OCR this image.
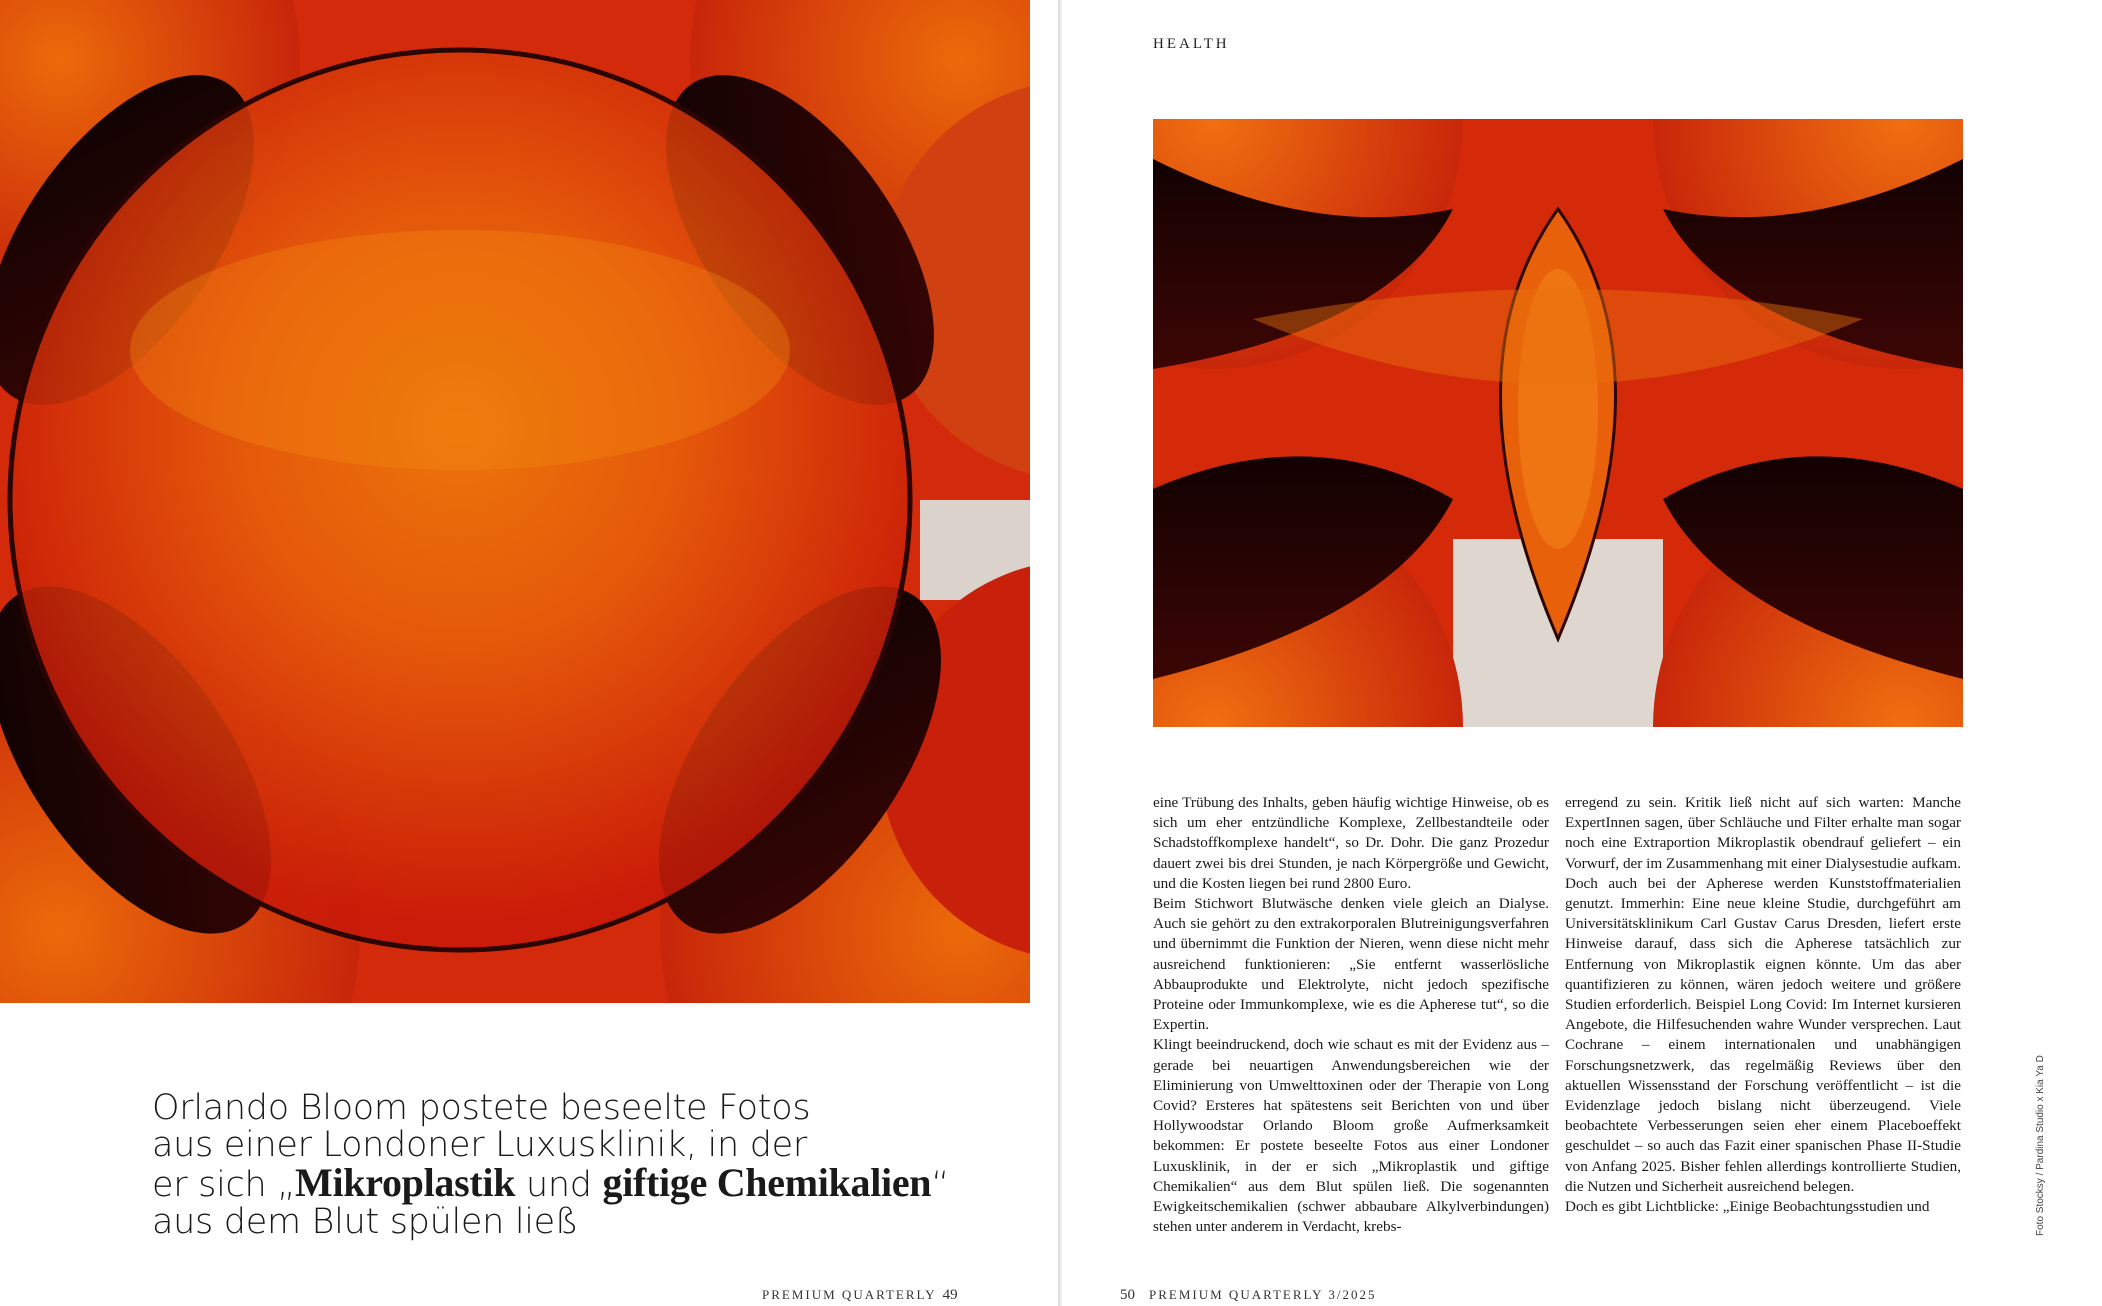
Orlando Bloom postete beseelte Fotos
aus einer Londoner Luxusklinik, in der
er sich „Mikroplastik und giftige Chemikalien“
aus dem Blut spülen ließ
PREMIUM QUARTERLY 49
HEALTH

eine Trübung des Inhalts, geben häufig wichtige Hinweise, ob es sich um eher entzündliche Komplexe, Zellbestandteile oder Schadstoffkomplexe handelt“, so Dr. Dohr. Die ganz Prozedur dauert zwei bis drei Stunden, je nach Körpergröße und Gewicht, und die Kosten liegen bei rund 2800 Euro.

Beim Stichwort Blutwäsche denken viele gleich an Dialyse. Auch sie gehört zu den extrakorporalen Blutreinigungsverfahren und übernimmt die Funktion der Nieren, wenn diese nicht mehr ausreichend funktionieren: „Sie entfernt wasserlösliche Abbauprodukte und Elektrolyte, nicht jedoch spezifische Proteine oder Immunkomplexe, wie es die Apherese tut“, so die Expertin.

Klingt beeindruckend, doch wie schaut es mit der Evidenz aus – gerade bei neuartigen Anwendungsbereichen wie der Eliminierung von Umwelttoxinen oder der Therapie von Long Covid? Ersteres hat spätestens seit Berichten von und über Hollywoodstar Orlando Bloom große Aufmerksamkeit bekommen: Er postete beseelte Fotos aus einer Londoner Luxusklinik, in der er sich „Mikroplastik und giftige Chemikalien“ aus dem Blut spülen ließ. Die sogenannten Ewigkeitschemikalien (schwer abbaubare Alkylverbindungen) stehen unter anderem in Verdacht, krebs-

erregend zu sein. Kritik ließ nicht auf sich warten: Manche ExpertInnen sagen, über Schläuche und Filter erhalte man sogar noch eine Extraportion Mikroplastik obendrauf geliefert – ein Vorwurf, der im Zusammenhang mit einer Dialysestudie aufkam. Doch auch bei der Apherese werden Kunststoffmaterialien genutzt. Immerhin: Eine neue kleine Studie, durchgeführt am Universitätsklinikum Carl Gustav Carus Dresden, liefert erste Hinweise darauf, dass sich die Apherese tatsächlich zur Entfernung von Mikroplastik eignen könnte. Um das aber quantifizieren zu können, wären jedoch weitere und größere Studien erforderlich. Beispiel Long Covid: Im Internet kursieren Angebote, die Hilfesuchenden wahre Wunder versprechen. Laut Cochrane – einem internationalen und unabhängigen Forschungsnetzwerk, das regelmäßig Reviews über den aktuellen Wissensstand der Forschung veröffentlicht – ist die Evidenzlage jedoch bislang nicht überzeugend. Viele beobachtete Verbesserungen seien eher einem Placeboeffekt geschuldet – so auch das Fazit einer spanischen Phase II-Studie von Anfang 2025. Bisher fehlen allerdings kontrollierte Studien, die Nutzen und Sicherheit ausreichend belegen.

Doch es gibt Lichtblicke: „Einige Beobachtungsstudien und

50 PREMIUM QUARTERLY 3/2025
Foto Stocksy / Pardina Studio x Kia Ya D
